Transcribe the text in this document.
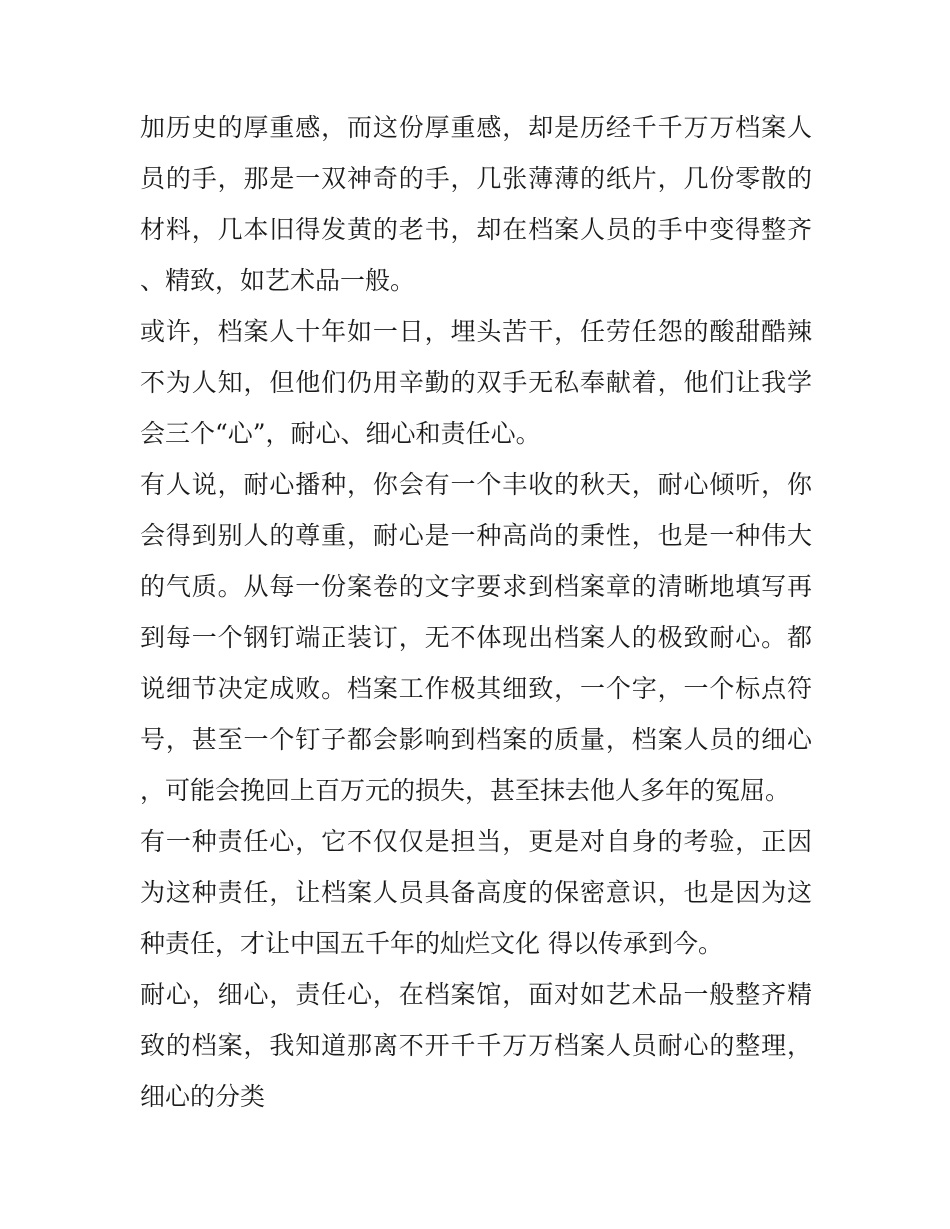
加历史的厚重感，而这份厚重感，却是历经千千万万档案人员的手，那是一双神奇的手，几张薄薄的纸片，几份零散的材料，几本旧得发黄的老书，却在档案人员的手中变得整齐、精致，如艺术品一般。

或许，档案人十年如一日，埋头苦干，任劳任怨的酸甜酷辣不为人知，但他们仍用辛勤的双手无私奉献着，他们让我学会三个“心”，耐心、细心和责任心。

有人说，耐心播种，你会有一个丰收的秋天，耐心倾听，你会得到别人的尊重，耐心是一种高尚的秉性，也是一种伟大的气质。从每一份案卷的文字要求到档案章的清晰地填写再到每一个钢钉端正装订，无不体现出档案人的极致耐心。都说细节决定成败。档案工作极其细致，一个字，一个标点符号，甚至一个钉子都会影响到档案的质量，档案人员的细心，可能会挽回上百万元的损失，甚至抹去他人多年的冤屈。

有一种责任心，它不仅仅是担当，更是对自身的考验，正因为这种责任，让档案人员具备高度的保密意识，也是因为这种责任，才让中国五千年的灿烂文化 得以传承到今。

耐心，细心，责任心，在档案馆，面对如艺术品一般整齐精致的档案，我知道那离不开千千万万档案人员耐心的整理，细心的分类
